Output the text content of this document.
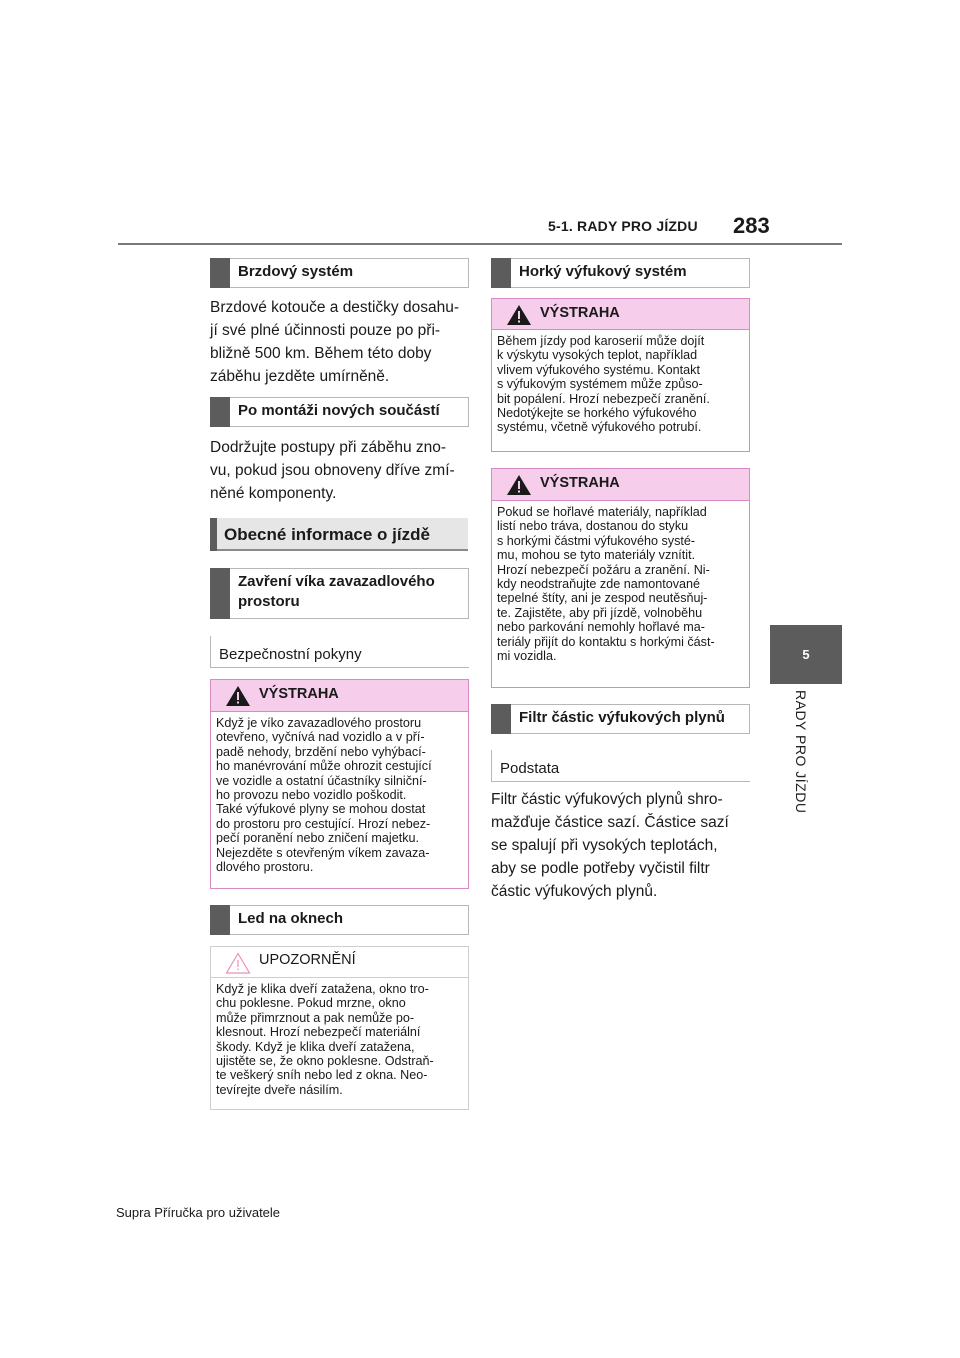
5-1. RADY PRO JÍZDU 283
5
RADY PRO JÍZDU
Brzdový systém
Brzdové kotouče a destičky dosahu-
jí své plné účinnosti pouze po při-
bližně 500 km. Během této doby
záběhu jezděte umírněně.
Po montáži nových součástí
Dodržujte postupy při záběhu zno-
vu, pokud jsou obnoveny dříve zmí-
něné komponenty.
Obecné informace o jízdě
Zavření víka zavazadlového
prostoru
Bezpečnostní pokyny
VÝSTRAHA
Když je víko zavazadlového prostoru
otevřeno, vyčnívá nad vozidlo a v pří-
padě nehody, brzdění nebo vyhýbací-
ho manévrování může ohrozit cestující
ve vozidle a ostatní účastníky silniční-
ho provozu nebo vozidlo poškodit.
Také výfukové plyny se mohou dostat
do prostoru pro cestující. Hrozí nebez-
pečí poranění nebo zničení majetku.
Nejezděte s otevřeným víkem zavaza-
dlového prostoru.
Led na oknech
UPOZORNĚNÍ
Když je klika dveří zatažena, okno tro-
chu poklesne. Pokud mrzne, okno
může přimrznout a pak nemůže po-
klesnout. Hrozí nebezpečí materiální
škody. Když je klika dveří zatažena,
ujistěte se, že okno poklesne. Odstraň-
te veškerý sníh nebo led z okna. Neo-
tevírejte dveře násilím.
Horký výfukový systém
VÝSTRAHA
Během jízdy pod karoserií může dojít
k výskytu vysokých teplot, například
vlivem výfukového systému. Kontakt
s výfukovým systémem může způso-
bit popálení. Hrozí nebezpečí zranění.
Nedotýkejte se horkého výfukového
systému, včetně výfukového potrubí.
VÝSTRAHA
Pokud se hořlavé materiály, například
listí nebo tráva, dostanou do styku
s horkými částmi výfukového systé-
mu, mohou se tyto materiály vznítit.
Hrozí nebezpečí požáru a zranění. Ni-
kdy neodstraňujte zde namontované
tepelné štíty, ani je zespod neutěsňuj-
te. Zajistěte, aby při jízdě, volnoběhu
nebo parkování nemohly hořlavé ma-
teriály přijít do kontaktu s horkými část-
mi vozidla.
Filtr částic výfukových plynů
Podstata
Filtr částic výfukových plynů shro-
mažďuje částice sazí. Částice sazí
se spalují při vysokých teplotách,
aby se podle potřeby vyčistil filtr
částic výfukových plynů.
Supra Příručka pro uživatele
